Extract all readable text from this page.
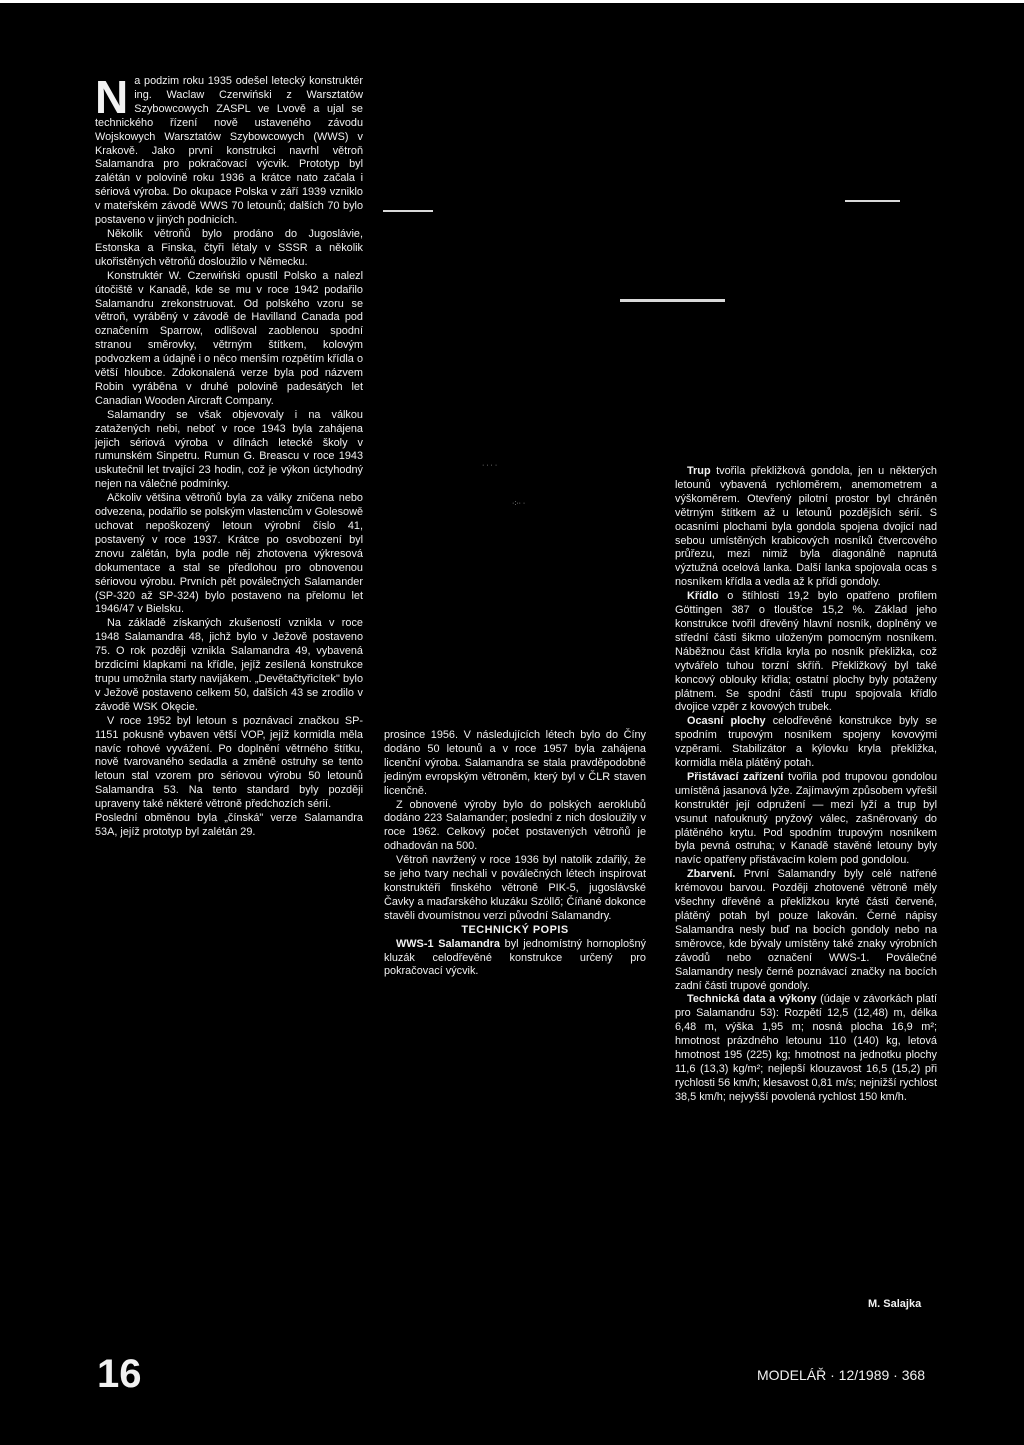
Na podzim roku 1935 odešel letecký konstruktér ing. Waclaw Czerwiński z Warsztatów Szybowcowych ZASPL ve Lvově a ujal se technického řízení nově ustaveného závodu Wojskowych Warsztatów Szybowcowych (WWS) v Krakově. Jako první konstrukci navrhl větroň Salamandra pro pokračovací výcvik. Prototyp byl zalétán v polovině roku 1936 a krátce nato začala i sériová výroba. Do okupace Polska v září 1939 vzniklo v mateřském závodě WWS 70 letounů; dalších 70 bylo postaveno v jiných podnicích.

Několik větroňů bylo prodáno do Jugoslávie, Estonska a Finska, čtyři létaly v SSSR a několik ukořistěných větroňů dosloužilo v Německu.

Konstruktér W. Czerwiński opustil Polsko a nalezl útočiště v Kanadě, kde se mu v roce 1942 podařilo Salamandru zrekonstruovat. Od polského vzoru se větroň, vyráběný v závodě de Havilland Canada pod označením Sparrow, odlišoval zaoblenou spodní stranou směrovky, větrným štítkem, kolovým podvozkem a údajně i o něco menším rozpětím křídla o větší hloubce. Zdokonalená verze byla pod názvem Robin vyráběna v druhé polovině padesátých let Canadian Wooden Aircraft Company.

Salamandry se však objevovaly i na válkou zatažených nebi, neboť v roce 1943 byla zahájena jejich sériová výroba v dílnách letecké školy v rumunském Sinpetru. Rumun G. Breascu v roce 1943 uskutečnil let trvající 23 hodin, což je výkon úctyhodný nejen na válečné podmínky.

Ačkoliv většina větroňů byla za války zničena nebo odvezena, podařilo se polským vlastencům v Golesowě uchovat nepoškozený letoun výrobní číslo 41, postavený v roce 1937. Krátce po osvobození byl znovu zalétán, byla podle něj zhotovena výkresová dokumentace a stal se předlohou pro obnovenou sériovou výrobu. Prvních pět poválečných Salamander (SP-320 až SP-324) bylo postaveno na přelomu let 1946/47 v Bielsku.

Na základě získaných zkušeností vznikla v roce 1948 Salamandra 48, jichž bylo v Ježově postaveno 75. O rok později vznikla Salamandra 49, vybavená brzdicími klapkami na křídle, jejíž zesílená konstrukce trupu umožnila starty navijákem. „Devětačtyřicítek" bylo v Ježově postaveno celkem 50, dalších 43 se zrodilo v závodě WSK Okęcie.

V roce 1952 byl letoun s poznávací značkou SP-1151 pokusně vybaven větší VOP, jejíž kormidla měla navíc rohové vyvážení. Po doplnění větrného štítku, nově tvarovaného sedadla a změně ostruhy se tento letoun stal vzorem pro sériovou výrobu 50 letounů Salamandra 53. Na tento standard byly později upraveny také některé větroně předchozích sérií.

Poslední obměnou byla „čínská" verze Salamandra 53A, jejíž prototyp byl zalétán 29.

· · · ·
·:·· ·

prosince 1956. V následujících létech bylo do Číny dodáno 50 letounů a v roce 1957 byla zahájena licenční výroba. Salamandra se stala pravděpodobně jediným evropským větroněm, který byl v ČLR staven licenčně.

Z obnovené výroby bylo do polských aeroklubů dodáno 223 Salamander; poslední z nich dosloužily v roce 1962. Celkový počet postavených větroňů je odhadován na 500.

Větroň navržený v roce 1936 byl natolik zdařilý, že se jeho tvary nechali v poválečných létech inspirovat konstruktéři finského větroně PIK-5, jugoslávské Čavky a maďarského kluzáku Szöllő; Číňané dokonce stavěli dvoumístnou verzi původní Salamandry.

TECHNICKÝ POPIS

WWS-1 Salamandra byl jednomístný hornoplošný kluzák celodřevěné konstrukce určený pro pokračovací výcvik.

Trup tvořila překližková gondola, jen u některých letounů vybavená rychloměrem, anemometrem a výškoměrem. Otevřený pilotní prostor byl chráněn větrným štítkem až u letounů pozdějších sérií. S ocasními plochami byla gondola spojena dvojicí nad sebou umístěných krabicových nosníků čtvercového průřezu, mezi nimiž byla diagonálně napnutá výztužná ocelová lanka. Další lanka spojovala ocas s nosníkem křídla a vedla až k přídi gondoly.

Křídlo o štíhlosti 19,2 bylo opatřeno profilem Göttingen 387 o tloušťce 15,2 %. Základ jeho konstrukce tvořil dřevěný hlavní nosník, doplněný ve střední části šikmo uloženým pomocným nosníkem. Náběžnou část křídla kryla po nosník překližka, což vytvářelo tuhou torzní skříň. Překližkový byl také koncový oblouky křídla; ostatní plochy byly potaženy plátnem. Se spodní částí trupu spojovala křídlo dvojice vzpěr z kovových trubek.

Ocasní plochy celodřevěné konstrukce byly se spodním trupovým nosníkem spojeny kovovými vzpěrami. Stabilizátor a kýlovku kryla překližka, kormidla měla plátěný potah.

Přistávací zařízení tvořila pod trupovou gondolou umístěná jasanová lyže. Zajímavým způsobem vyřešil konstruktér její odpružení — mezi lyží a trup byl vsunut nafouknutý pryžový válec, zašněrovaný do plátěného krytu. Pod spodním trupovým nosníkem byla pevná ostruha; v Kanadě stavěné letouny byly navíc opatřeny přistávacím kolem pod gondolou.

Zbarvení. První Salamandry byly celé natřené krémovou barvou. Později zhotovené větroně měly všechny dřevěné a překližkou kryté části červené, plátěný potah byl pouze lakován. Černé nápisy Salamandra nesly buď na bocích gondoly nebo na směrovce, kde bývaly umístěny také znaky výrobních závodů nebo označení WWS-1. Poválečné Salamandry nesly černé poznávací značky na bocích zadní části trupové gondoly.

Technická data a výkony (údaje v závorkách platí pro Salamandru 53): Rozpětí 12,5 (12,48) m, délka 6,48 m, výška 1,95 m; nosná plocha 16,9 m²; hmotnost prázdného letounu 110 (140) kg, letová hmotnost 195 (225) kg; hmotnost na jednotku plochy 11,6 (13,3) kg/m²; nejlepší klouzavost 16,5 (15,2) při rychlosti 56 km/h; klesavost 0,81 m/s; nejnižší rychlost 38,5 km/h; nejvyšší povolená rychlost 150 km/h.

M. Salajka
16	MODELÁŘ · 12/1989 · 368
